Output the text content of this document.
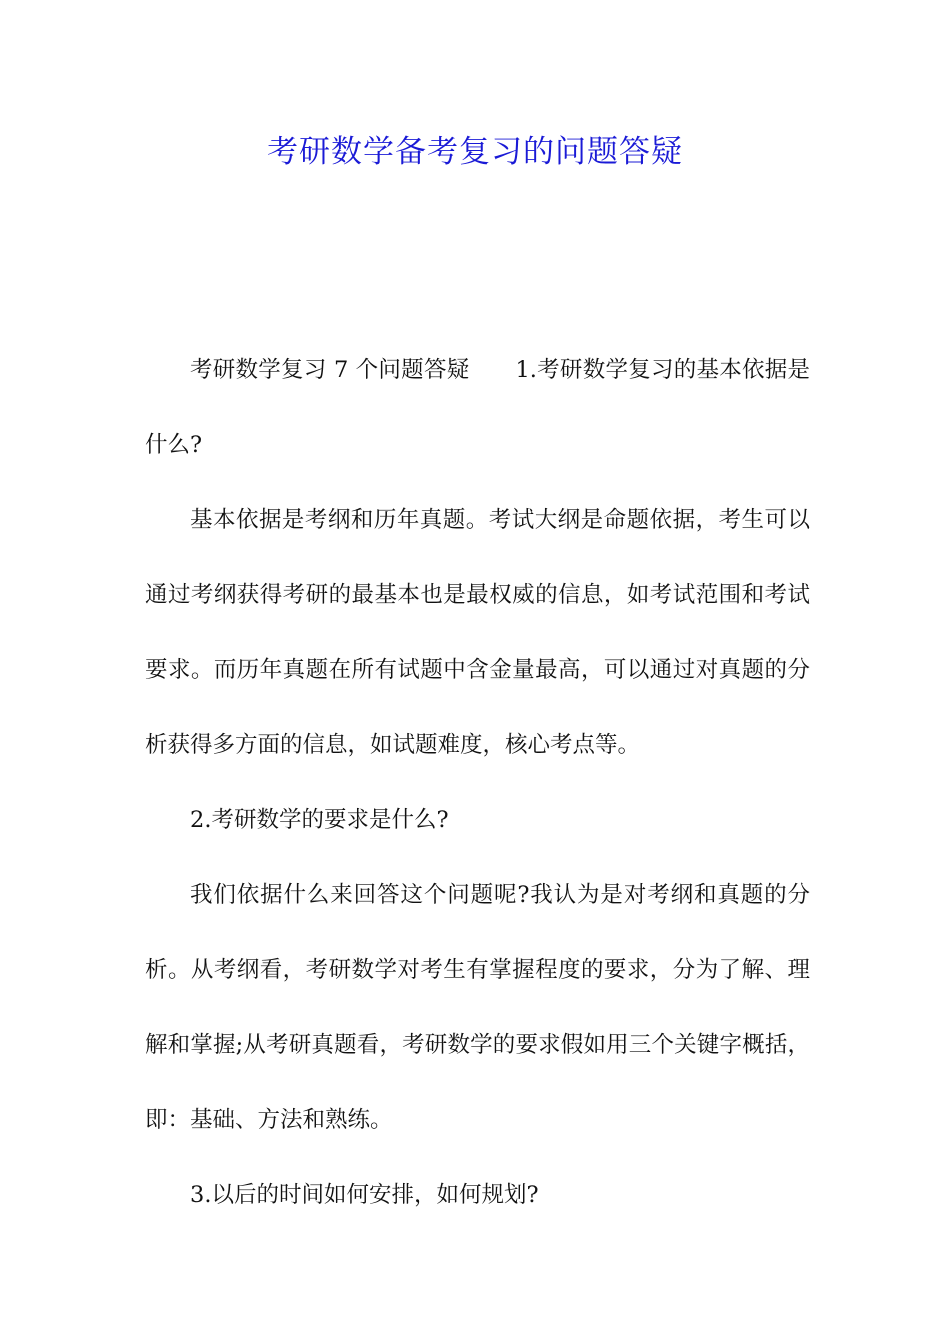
考研数学备考复习的问题答疑

考研数学复习 7 个问题答疑 1.考研数学复习的基本依据是什么?

基本依据是考纲和历年真题。考试大纲是命题依据，考生可以通过考纲获得考研的最基本也是最权威的信息，如考试范围和考试要求。而历年真题在所有试题中含金量最高，可以通过对真题的分析获得多方面的信息，如试题难度，核心考点等。

2.考研数学的要求是什么?

我们依据什么来回答这个问题呢?我认为是对考纲和真题的分析。从考纲看，考研数学对考生有掌握程度的要求，分为了解、理解和掌握;从考研真题看，考研数学的要求假如用三个关键字概括，即：基础、方法和熟练。

3.以后的时间如何安排，如何规划?
